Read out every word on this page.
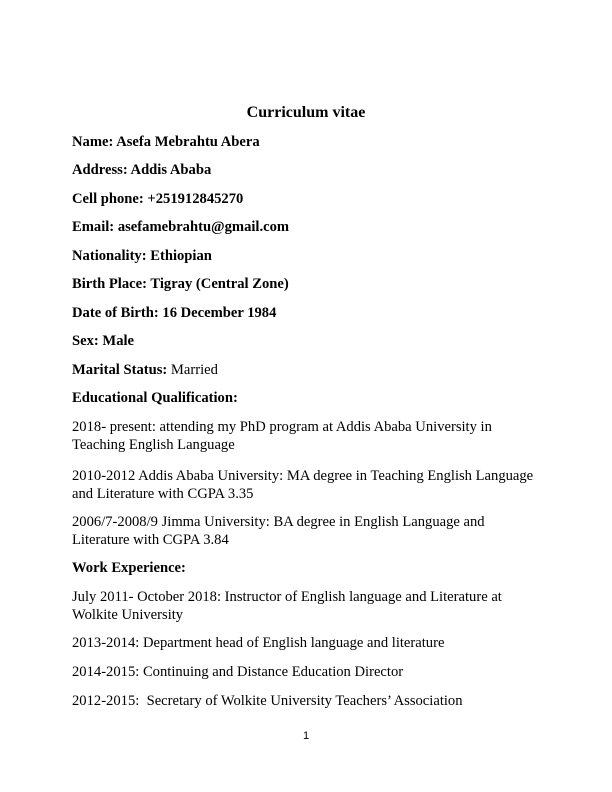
Curriculum vitae
Name: Asefa Mebrahtu Abera
Address: Addis Ababa
Cell phone: +251912845270
Email: asefamebrahtu@gmail.com
Nationality: Ethiopian
Birth Place: Tigray (Central Zone)
Date of Birth: 16 December 1984
Sex: Male
Marital Status: Married
Educational Qualification:
2018- present: attending my PhD program at Addis Ababa University in Teaching English Language
2010-2012 Addis Ababa University: MA degree in Teaching English Language and Literature with CGPA 3.35
2006/7-2008/9 Jimma University: BA degree in English Language and Literature with CGPA 3.84
Work Experience:
July 2011- October 2018: Instructor of English language and Literature at Wolkite University
2013-2014: Department head of English language and literature
2014-2015: Continuing and Distance Education Director
2012-2015:  Secretary of Wolkite University Teachers’ Association
1
